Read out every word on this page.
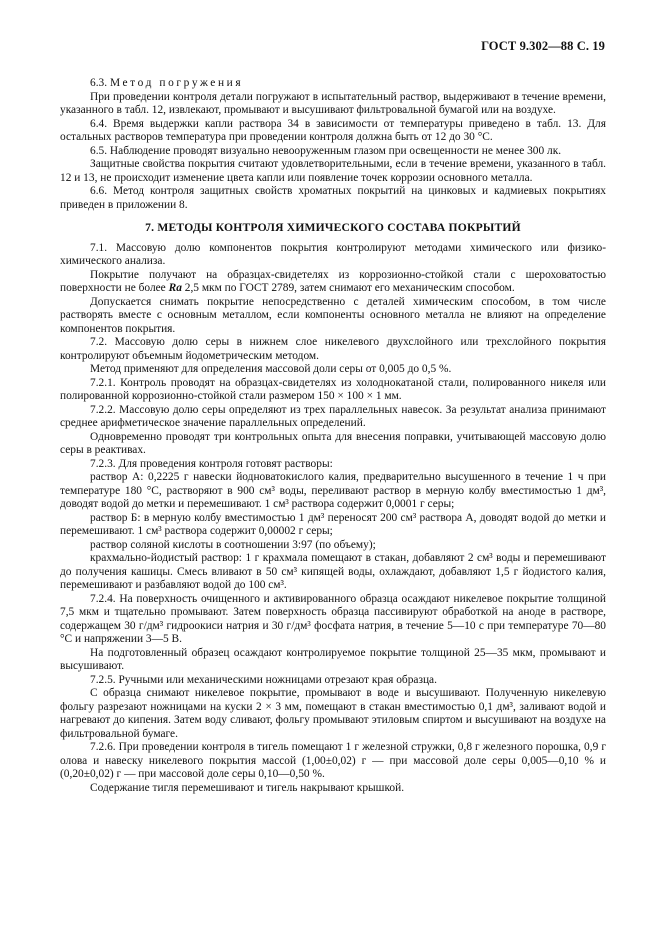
ГОСТ 9.302—88 С. 19

6.3. Метод погружения

При проведении контроля детали погружают в испытательный раствор, выдерживают в течение времени, указанного в табл. 12, извлекают, промывают и высушивают фильтровальной бумагой или на воздухе.

6.4. Время выдержки капли раствора 34 в зависимости от температуры приведено в табл. 13. Для остальных растворов температура при проведении контроля должна быть от 12 до 30 °С.

6.5. Наблюдение проводят визуально невооруженным глазом при освещенности не менее 300 лк.

Защитные свойства покрытия считают удовлетворительными, если в течение времени, указанного в табл. 12 и 13, не происходит изменение цвета капли или появление точек коррозии основного металла.

6.6. Метод контроля защитных свойств хроматных покрытий на цинковых и кадмиевых покрытиях приведен в приложении 8.

7. МЕТОДЫ КОНТРОЛЯ ХИМИЧЕСКОГО СОСТАВА ПОКРЫТИЙ

7.1. Массовую долю компонентов покрытия контролируют методами химического или физико-химического анализа.

Покрытие получают на образцах-свидетелях из коррозионно-стойкой стали с шероховатостью поверхности не более Ra 2,5 мкм по ГОСТ 2789, затем снимают его механическим способом.

Допускается снимать покрытие непосредственно с деталей химическим способом, в том числе растворять вместе с основным металлом, если компоненты основного металла не влияют на определение компонентов покрытия.

7.2. Массовую долю серы в нижнем слое никелевого двухслойного или трехслойного покрытия контролируют объемным йодометрическим методом.

Метод применяют для определения массовой доли серы от 0,005 до 0,5 %.

7.2.1. Контроль проводят на образцах-свидетелях из холоднокатаной стали, полированного никеля или полированной коррозионно-стойкой стали размером 150 × 100 × 1 мм.

7.2.2. Массовую долю серы определяют из трех параллельных навесок. За результат анализа принимают среднее арифметическое значение параллельных определений.

Одновременно проводят три контрольных опыта для внесения поправки, учитывающей массовую долю серы в реактивах.

7.2.3. Для проведения контроля готовят растворы:

раствор А: 0,2225 г навески йодноватокислого калия, предварительно высушенного в течение 1 ч при температуре 180 °С, растворяют в 900 см³ воды, переливают раствор в мерную колбу вместимостью 1 дм³, доводят водой до метки и перемешивают. 1 см³ раствора содержит 0,0001 г серы;

раствор Б: в мерную колбу вместимостью 1 дм³ переносят 200 см³ раствора А, доводят водой до метки и перемешивают. 1 см³ раствора содержит 0,00002 г серы;

раствор соляной кислоты в соотношении 3:97 (по объему);

крахмально-йодистый раствор: 1 г крахмала помещают в стакан, добавляют 2 см³ воды и перемешивают до получения кашицы. Смесь вливают в 50 см³ кипящей воды, охлаждают, добавляют 1,5 г йодистого калия, перемешивают и разбавляют водой до 100 см³.

7.2.4. На поверхность очищенного и активированного образца осаждают никелевое покрытие толщиной 7,5 мкм и тщательно промывают. Затем поверхность образца пассивируют обработкой на аноде в растворе, содержащем 30 г/дм³ гидроокиси натрия и 30 г/дм³ фосфата натрия, в течение 5—10 с при температуре 70—80 °С и напряжении 3—5 В.

На подготовленный образец осаждают контролируемое покрытие толщиной 25—35 мкм, промывают и высушивают.

7.2.5. Ручными или механическими ножницами отрезают края образца.

С образца снимают никелевое покрытие, промывают в воде и высушивают. Полученную никелевую фольгу разрезают ножницами на куски 2 × 3 мм, помещают в стакан вместимостью 0,1 дм³, заливают водой и нагревают до кипения. Затем воду сливают, фольгу промывают этиловым спиртом и высушивают на воздухе на фильтровальной бумаге.

7.2.6. При проведении контроля в тигель помещают 1 г железной стружки, 0,8 г железного порошка, 0,9 г олова и навеску никелевого покрытия массой (1,00±0,02) г — при массовой доле серы 0,005—0,10 % и (0,20±0,02) г — при массовой доле серы 0,10—0,50 %.

Содержание тигля перемешивают и тигель накрывают крышкой.
